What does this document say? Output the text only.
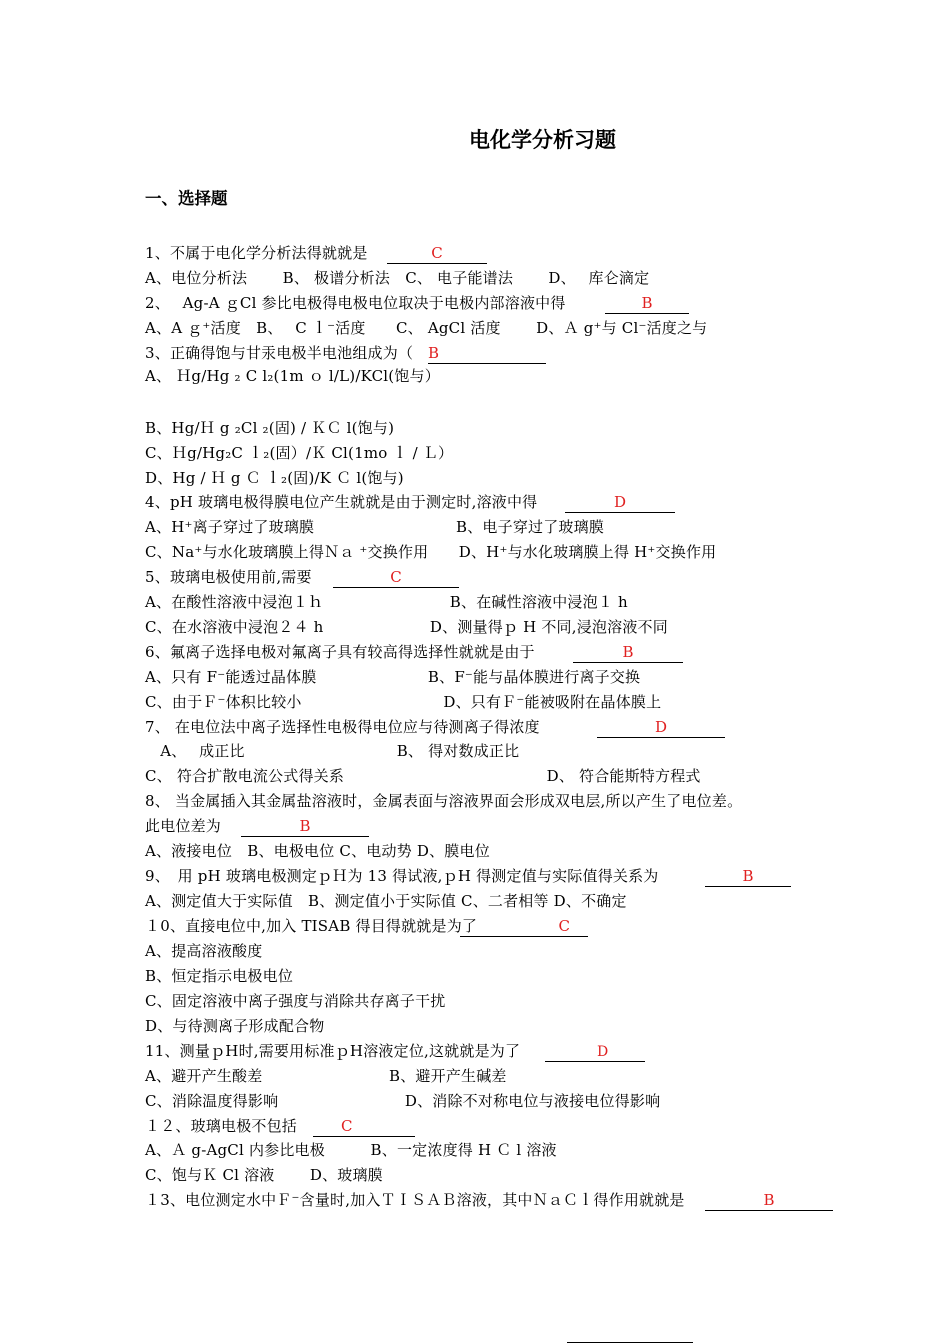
电化学分析习题
一、选择题
1、不属于电化学分析法得就就是	C
A、电位分析法　　 B、 极谱分析法　C、 电子能谱法　　 D、　 库仑滴定
2、　 Ag-A ｇCl 参比电极得电极电位取决于电极内部溶液中得	B
A、A ｇ⁺活度　B、　 C ｌ⁻活度　　C、 AgCl 活度　　 D、Ａ g⁺与 Cl⁻活度之与
3、正确得饱与甘汞电极半电池组成为（ B
A、 Ｈg/Hg ₂ C l₂(1m ｏ l/L)/KCl(饱与）
B、Hg/Ｈ g ₂Cl ₂(固) / ＫＣ l(饱与)
C、Ｈg/Hg₂C ｌ₂(固）/Ｋ Cl(1mo ｌ / Ｌ）
D、Hg / Ｈ g Ｃ ｌ₂(固)/K Ｃ l(饱与)
4、pH 玻璃电极得膜电位产生就就是由于测定时,溶液中得	D
A、H⁺离子穿过了玻璃膜　　　　　　　　　 B、电子穿过了玻璃膜
C、Na⁺与水化玻璃膜上得Ｎａ ⁺交换作用　　D、H⁺与水化玻璃膜上得 H⁺交换作用
5、玻璃电极使用前,需要	C
A、在酸性溶液中浸泡１ｈ　　　　　　　　 B、在碱性溶液中浸泡１ h
C、在水溶液中浸泡２４ h　　　　　　　D、测量得ｐ H 不同,浸泡溶液不同
6、氟离子选择电极对氟离子具有较高得选择性就就是由于	B
A、只有 F⁻能透过晶体膜　　　　　　　 B、F⁻能与晶体膜进行离子交换
C、由于Ｆ⁻体积比较小　　　　　　　　　 D、只有Ｆ⁻能被吸附在晶体膜上
7、 在电位法中离子选择性电极得电位应与待测离子得浓度	D
　A、　 成正比　　　　　　　　　　B、 得对数成正比
C、 符合扩散电流公式得关系　　　　　　　　　　　　　 D、 符合能斯特方程式
8、 当金属插入其金属盐溶液时，金属表面与溶液界面会形成双电层,所以产生了电位差。
此电位差为	B
A、液接电位　B、电极电位 C、电动势 D、膜电位
9、　用 pH 玻璃电极测定ｐＨ为 13 得试液,ｐH 得测定值与实际值得关系为	B
A、测定值大于实际值　B、测定值小于实际值 C、二者相等 D、不确定
１0、直接电位中,加入 TISAB 得目得就就是为了	C
A、提高溶液酸度
B、恒定指示电极电位
C、固定溶液中离子强度与消除共存离子干扰
D、与待测离子形成配合物
11、测量ｐH时,需要用标准ｐH溶液定位,这就就是为了	D
A、避开产生酸差　　　　　　　　 B、避开产生碱差
C、消除温度得影响　　　　　　　　 D、消除不对称电位与液接电位得影响
１２、玻璃电极不包括	C
A、Ａ g-AgCl 内参比电极　　　B、一定浓度得 H Ｃ l 溶液
C、饱与Ｋ Cl 溶液　　 D、玻璃膜
１3、电位测定水中Ｆ⁻含量时,加入ＴＩＳＡＢ溶液，其中ＮａＣｌ得作用就就是	B
